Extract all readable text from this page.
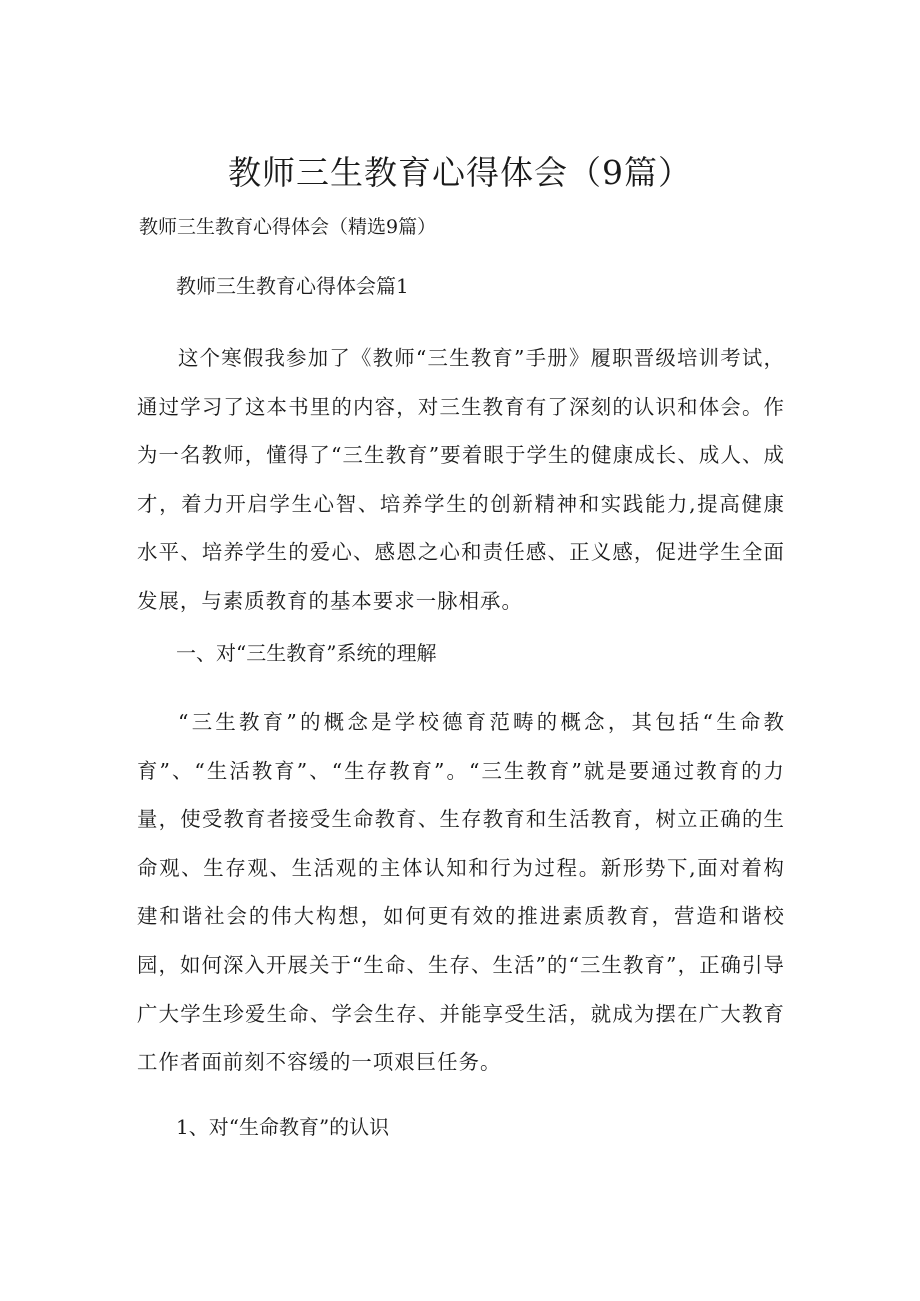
教师三生教育心得体会（9篇）
教师三生教育心得体会（精选9篇）
教师三生教育心得体会篇1

这个寒假我参加了《教师“三生教育”手册》履职晋级培训考试，通过学习了这本书里的内容，对三生教育有了深刻的认识和体会。作为一名教师，懂得了“三生教育”要着眼于学生的健康成长、成人、成才，着力开启学生心智、培养学生的创新精神和实践能力,提高健康水平、培养学生的爱心、感恩之心和责任感、正义感，促进学生全面发展，与素质教育的基本要求一脉相承。

一、对“三生教育”系统的理解

“三生教育”的概念是学校德育范畴的概念，其包括“生命教育”、“生活教育”、“生存教育”。“三生教育”就是要通过教育的力量，使受教育者接受生命教育、生存教育和生活教育，树立正确的生命观、生存观、生活观的主体认知和行为过程。新形势下,面对着构建和谐社会的伟大构想，如何更有效的推进素质教育，营造和谐校园，如何深入开展关于“生命、生存、生活”的“三生教育”，正确引导广大学生珍爱生命、学会生存、并能享受生活，就成为摆在广大教育工作者面前刻不容缓的一项艰巨任务。

1、对“生命教育”的认识
